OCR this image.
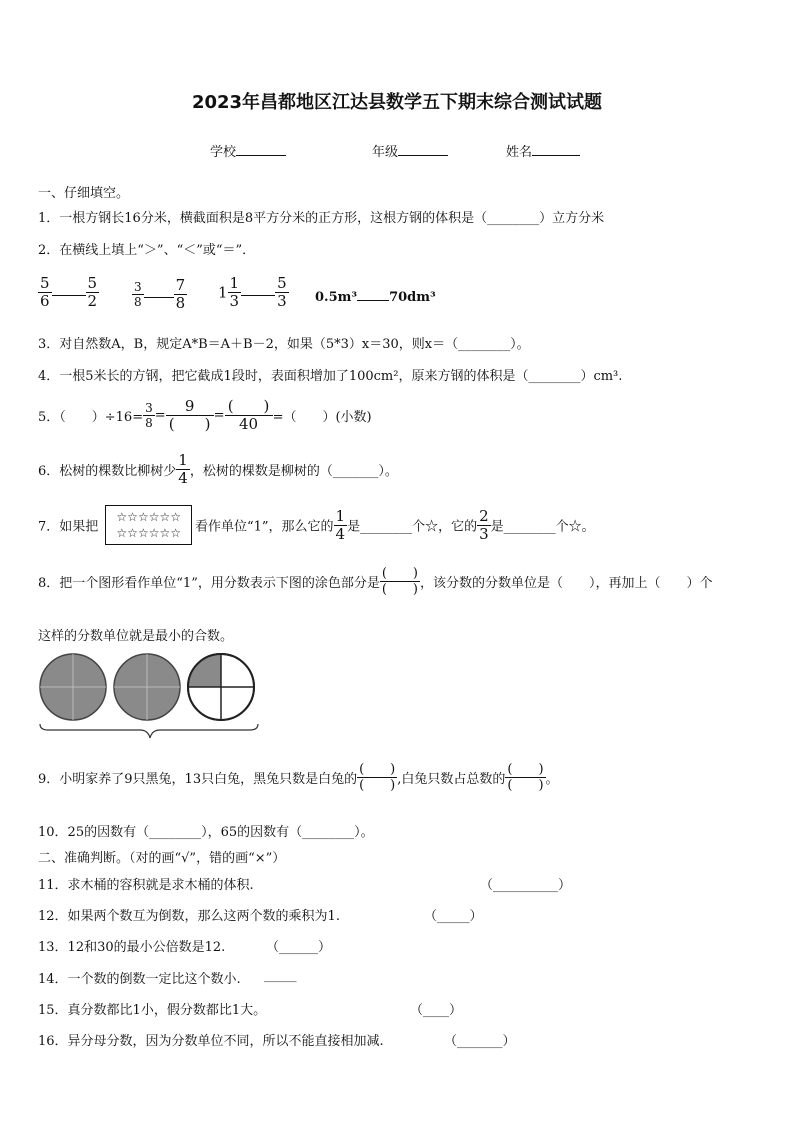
2023年昌都地区江达县数学五下期末综合测试试题
学校	年级	姓名
一、仔细填空。
1．一根方钢长16分米，横截面积是8平方分米的正方形，这根方钢的体积是（________）立方分米
2．在横线上填上“＞”、“＜”或“＝”．
$\frac{5}{6} \frac{5}{2}$	$\frac{3}{8} \frac{7}{8} 1 \frac{1}{3} \frac{5}{3} 0.5m^3$ 70dm³
3．对自然数A，B，规定A*B＝A＋B－2，如果（5*3）x＝30，则x＝（________）。
4．一根5米长的方钢，把它截成1段时，表面积增加了100cm²，原来方钢的体积是（________）cm³.
5．（　　）$\div 16= \frac{3}{8} = \frac{9}{( )} = \frac{( )}{40}$ =（　　）(小数)
6．松树的棵数比柳树少 $\frac{1}{4}$ ，松树的棵数是柳树的（_______）。
7．如果把
☆☆☆☆☆☆
☆☆☆☆☆☆ 看作单位“1”，那么它的 $\frac{1}{4}$ 是________个☆，它的 $\frac{2}{3}$ 是________个☆。
8．把一个图形看作单位“1”，用分数表示下图的涂色部分是 $\frac{( )}{( )}$ ，该分数的分数单位是（　　），再加上（　　）个
这样的分数单位就是最小的合数。
9．小明家养了9只黑兔，13只白兔，黑兔只数是白兔的 $\frac{( )}{( )}$ ,白兔只数占总数的 $\frac{( )}{( )}$ 。
10．25的因数有（________），65的因数有（________）。
二、准确判断。（对的画“√”，错的画“×”）
11．求木桶的容积就是求木桶的体积.	（__________）
12．如果两个数互为倒数，那么这两个数的乘积为1.	（_____）
13．12和30的最小公倍数是12.	（______）
14．一个数的倒数一定比这个数小. _____
15．真分数都比1小，假分数都比1大。	（____）
16．异分母分数，因为分数单位不同，所以不能直接相加减.	（_______）
